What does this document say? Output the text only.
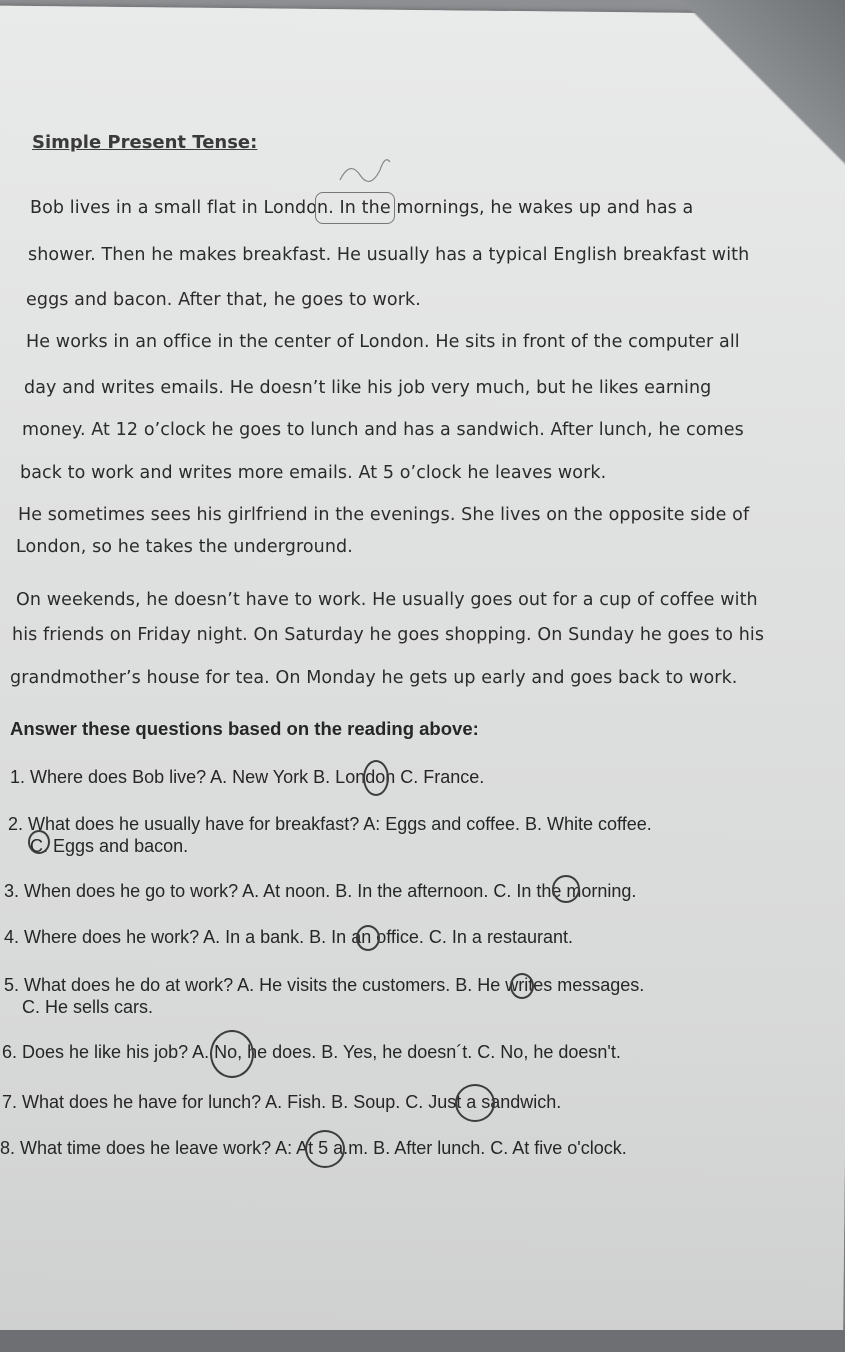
Simple Present Tense:
Bob lives in a small flat in London. In the mornings, he wakes up and has a
shower. Then he makes breakfast. He usually has a typical English breakfast with
eggs and bacon. After that, he goes to work.
He works in an office in the center of London. He sits in front of the computer all
day and writes emails. He doesn’t like his job very much, but he likes earning
money. At 12 o’clock he goes to lunch and has a sandwich. After lunch, he comes
back to work and writes more emails. At 5 o’clock he leaves work.
He sometimes sees his girlfriend in the evenings. She lives on the opposite side of
London, so he takes the underground.
On weekends, he doesn’t have to work. He usually goes out for a cup of coffee with
his friends on Friday night. On Saturday he goes shopping. On Sunday he goes to his
grandmother’s house for tea. On Monday he gets up early and goes back to work.
Answer these questions based on the reading above:
1. Where does Bob live? A. New York B. London C. France.
2. What does he usually have for breakfast? A: Eggs and coffee. B. White coffee.
C. Eggs and bacon.
3. When does he go to work? A. At noon. B. In the afternoon. C. In the morning.
4. Where does he work? A. In a bank. B. In an office. C. In a restaurant.
5. What does he do at work? A. He visits the customers. B. He writes messages.
C. He sells cars.
6. Does he like his job? A. No, he does. B. Yes, he doesn´t. C. No, he doesn't.
7. What does he have for lunch? A. Fish. B. Soup. C. Just a sandwich.
8. What time does he leave work? A: At 5 a.m. B. After lunch. C. At five o'clock.
